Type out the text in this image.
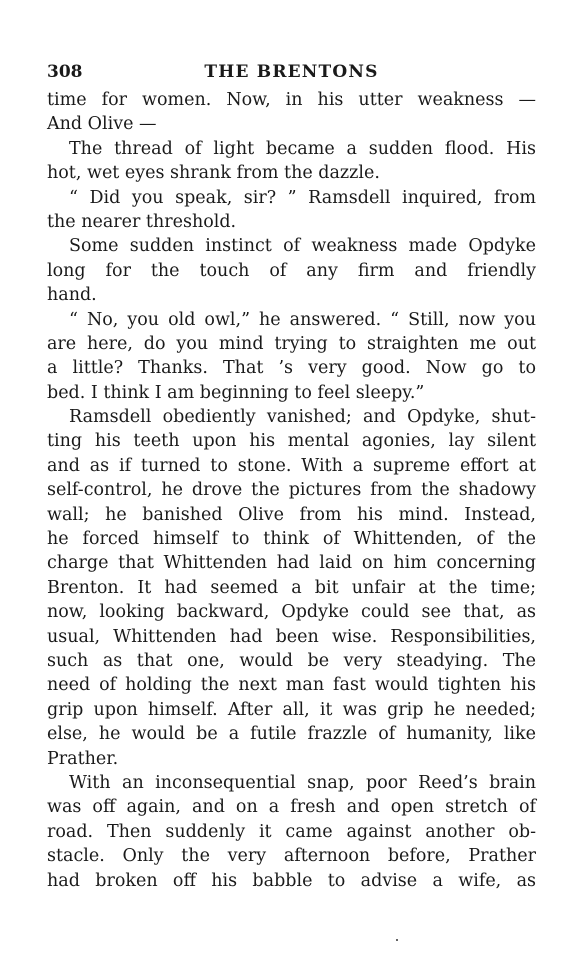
308	THE BRENTONS
time for women. Now, in his utter weakness —
And Olive —
The thread of light became a sudden flood. His
hot, wet eyes shrank from the dazzle.
“ Did you speak, sir? ” Ramsdell inquired, from
the nearer threshold.
Some sudden instinct of weakness made Opdyke
long for the touch of any firm and friendly
hand.
“ No, you old owl,” he answered. “ Still, now you
are here, do you mind trying to straighten me out
a little? Thanks. That ’s very good. Now go to
bed. I think I am beginning to feel sleepy.”
Ramsdell obediently vanished; and Opdyke, shut-
ting his teeth upon his mental agonies, lay silent
and as if turned to stone. With a supreme effort at
self-control, he drove the pictures from the shadowy
wall; he banished Olive from his mind. Instead,
he forced himself to think of Whittenden, of the
charge that Whittenden had laid on him concerning
Brenton. It had seemed a bit unfair at the time;
now, looking backward, Opdyke could see that, as
usual, Whittenden had been wise. Responsibilities,
such as that one, would be very steadying. The
need of holding the next man fast would tighten his
grip upon himself. After all, it was grip he needed;
else, he would be a futile frazzle of humanity, like
Prather.
With an inconsequential snap, poor Reed’s brain
was off again, and on a fresh and open stretch of
road. Then suddenly it came against another ob-
stacle. Only the very afternoon before, Prather
had broken off his babble to advise a wife, as
